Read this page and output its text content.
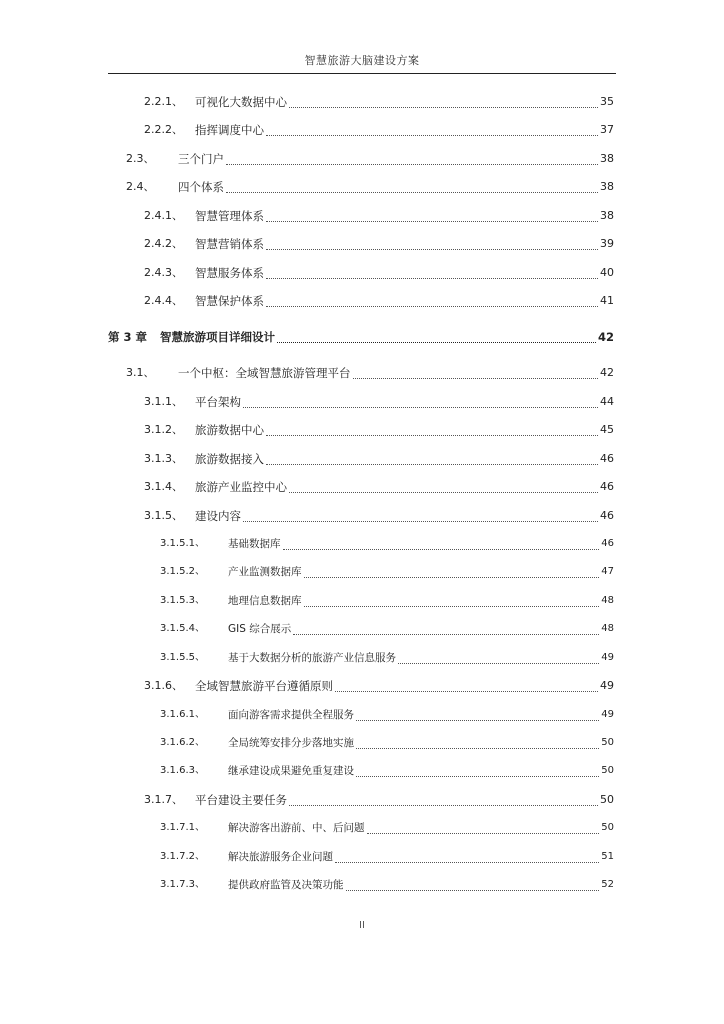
智慧旅游大脑建设方案
2.2.1、 可视化大数据中心	35
2.2.2、 指挥调度中心	37
2.3、 三个门户	38
2.4、 四个体系	38
2.4.1、 智慧管理体系	38
2.4.2、 智慧营销体系	39
2.4.3、 智慧服务体系	40
2.4.4、 智慧保护体系	41
第 3 章 智慧旅游项目详细设计	42
3.1、 一个中枢：全域智慧旅游管理平台	42
3.1.1、 平台架构	44
3.1.2、 旅游数据中心	45
3.1.3、 旅游数据接入	46
3.1.4、 旅游产业监控中心	46
3.1.5、 建设内容	46
3.1.5.1、 基础数据库	46
3.1.5.2、 产业监测数据库	47
3.1.5.3、 地理信息数据库	48
3.1.5.4、 GIS 综合展示	48
3.1.5.5、 基于大数据分析的旅游产业信息服务	49
3.1.6、 全域智慧旅游平台遵循原则	49
3.1.6.1、 面向游客需求提供全程服务	49
3.1.6.2、 全局统筹安排分步落地实施	50
3.1.6.3、 继承建设成果避免重复建设	50
3.1.7、 平台建设主要任务	50
3.1.7.1、 解决游客出游前、中、后问题	50
3.1.7.2、 解决旅游服务企业问题	51
3.1.7.3、 提供政府监管及决策功能	52
II
